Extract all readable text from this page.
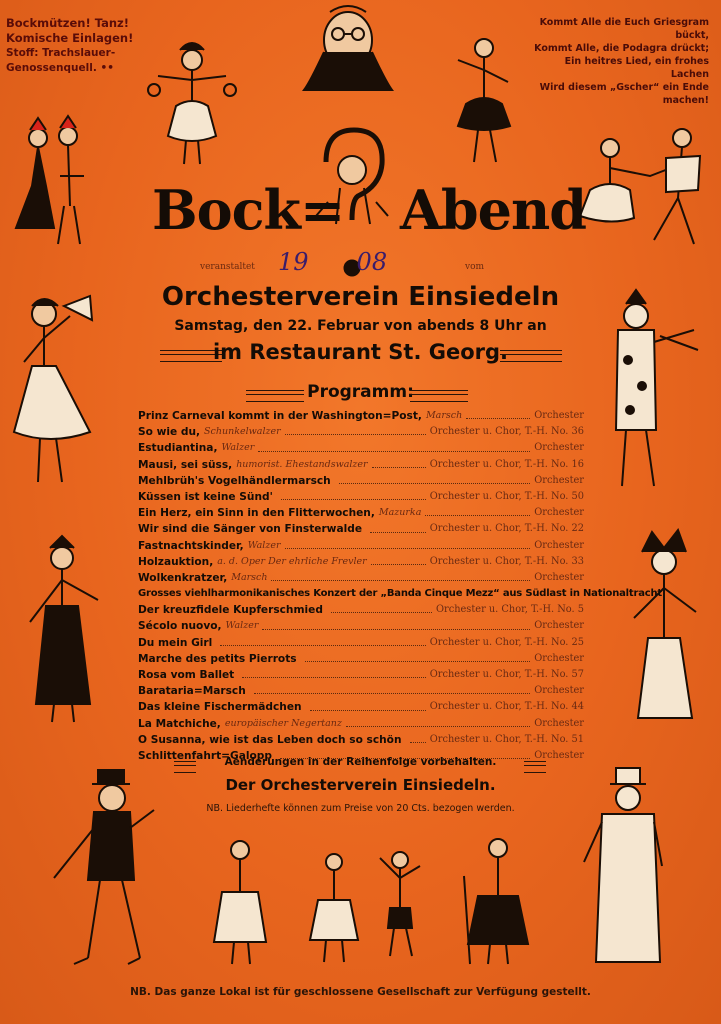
Bockmützen! Tanz!
Komische Einlagen!
Stoff: Trachslauer-
Genossenquell. ••
Kommt Alle die Euch Griesgram
bückt,
Kommt Alle, die Podagra drückt;
Ein heitres Lied, ein frohes Lachen
Wird diesem „Gscher“ ein Ende
machen!
Bock= Abend
veranstaltet 19 08	vom
Orchesterverein Einsiedeln
Samstag, den 22. Februar von abends 8 Uhr an
im Restaurant St. Georg.
Programm:
Prinz Carneval kommt in der Washington=Post, Marsch	Orchester
So wie du, Schunkelwalzer	Orchester u. Chor, T.-H. No. 36
Estudiantina, Walzer	Orchester
Mausi, sei süss, humorist. Ehestandswalzer	Orchester u. Chor, T.-H. No. 16
Mehlbrüh's Vogelhändlermarsch	Orchester
Küssen ist keine Sünd'	Orchester u. Chor, T.-H. No. 50
Ein Herz, ein Sinn in den Flitterwochen, Mazurka	Orchester
Wir sind die Sänger von Finsterwalde	Orchester u. Chor, T.-H. No. 22
Fastnachtskinder, Walzer	Orchester
Holzauktion, a. d. Oper Der ehrliche Frevler	Orchester u. Chor, T.-H. No. 33
Wolkenkratzer, Marsch	Orchester
Grosses viehlharmonikanisches Konzert der „Banda Cinque Mezz“ aus Südlast in Nationaltracht
Der kreuzfidele Kupferschmied	Orchester u. Chor, T.-H. No. 5
Sécolo nuovo, Walzer	Orchester
Du mein Girl	Orchester u. Chor, T.-H. No. 25
Marche des petits Pierrots	Orchester
Rosa vom Ballet	Orchester u. Chor, T.-H. No. 57
Barataria=Marsch	Orchester
Das kleine Fischermädchen	Orchester u. Chor, T.-H. No. 44
La Matchiche, europäischer Negertanz	Orchester
O Susanna, wie ist das Leben doch so schön	Orchester u. Chor, T.-H. No. 51
Schlittenfahrt=Galopp	Orchester
Aenderungen in der Reihenfolge vorbehalten.
Der Orchesterverein Einsiedeln.
NB. Liederhefte können zum Preise von 20 Cts. bezogen werden.
NB. Das ganze Lokal ist für geschlossene Gesellschaft zur Verfügung gestellt.
